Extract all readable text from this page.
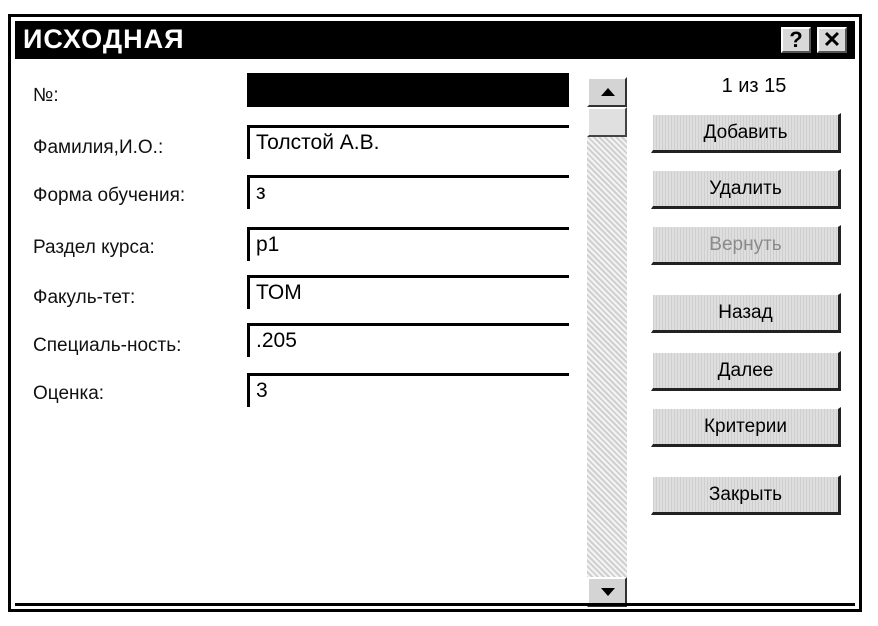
ИСХОДНАЯ	? ✕
№:
Фамилия,И.О.:	Толстой А.В.
Форма обучения:	з
Раздел курса:	р1
Факуль-тет:	ТОМ
Специаль-ность:	.205
Оценка:	3
1 из 15
Добавить
Удалить
Вернуть
Назад
Далее
Критерии
Закрыть
